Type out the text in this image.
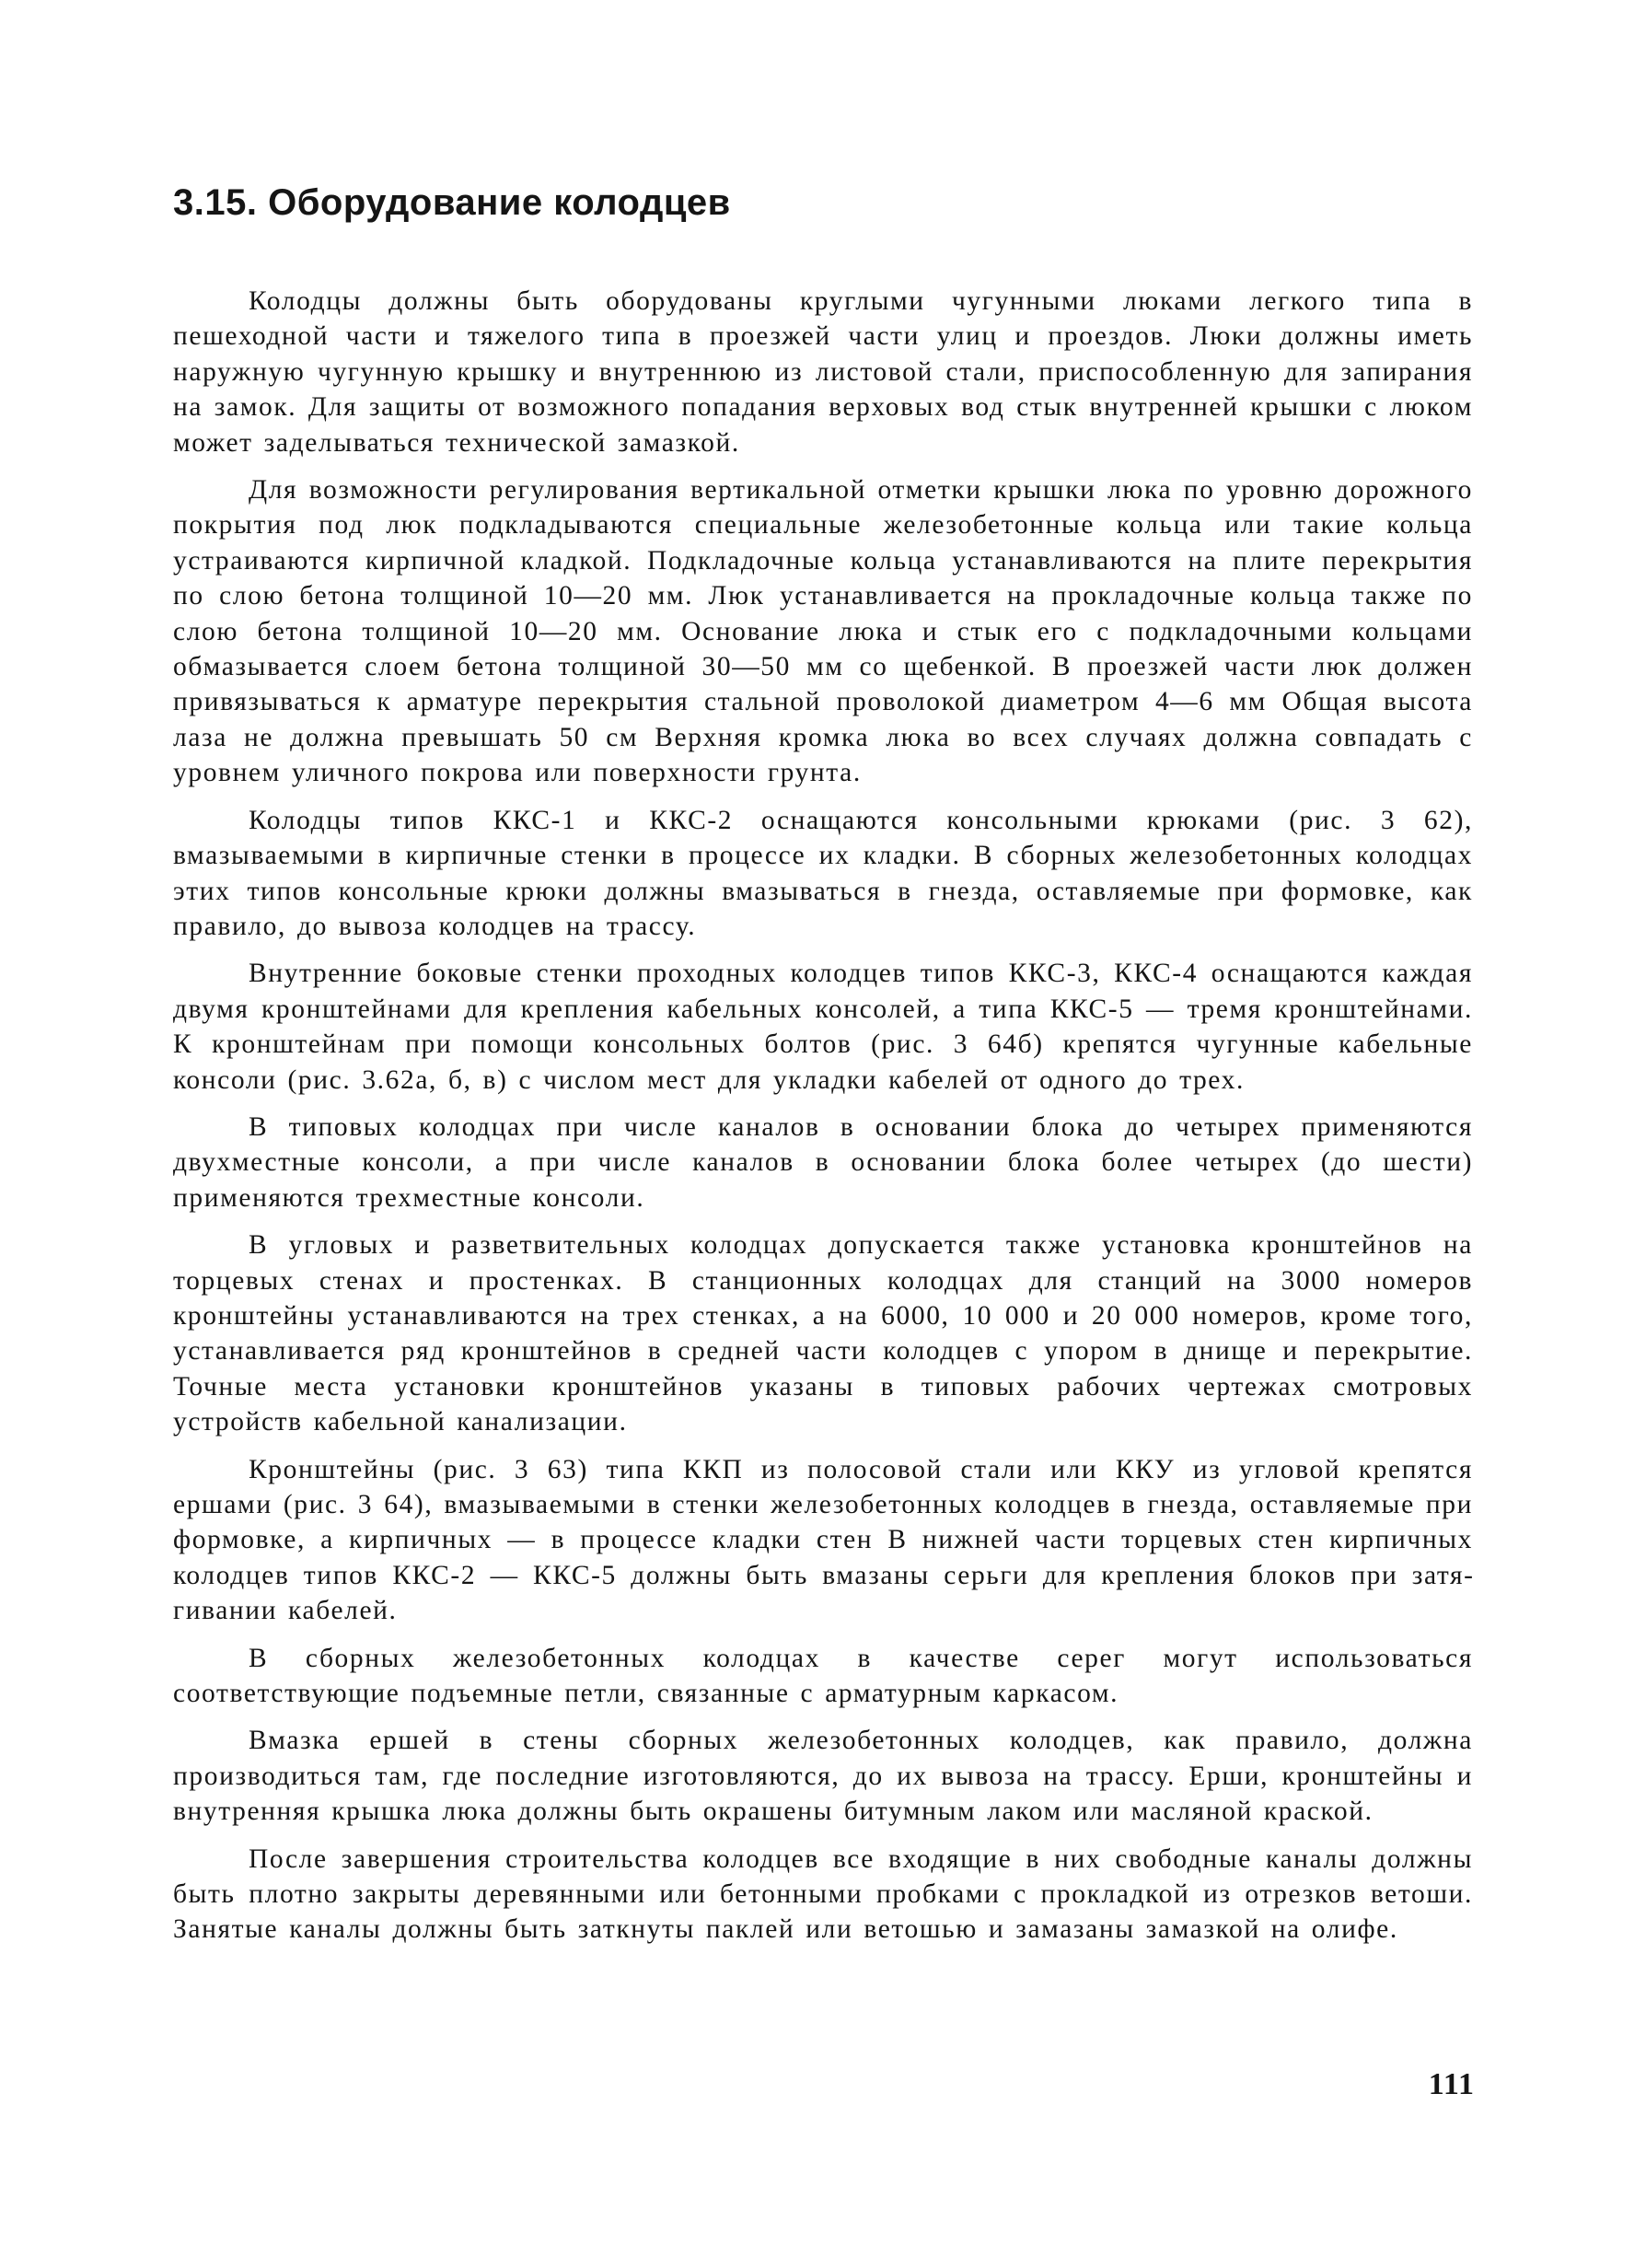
3.15. Оборудование колодцев

Колодцы должны быть оборудованы круглыми чугунными люками легкого типа в пешеходной части и тяжелого типа в проезжей части улиц и проездов. Люки должны иметь наружную чугунную крышку и внутреннюю из листовой стали, приспособленную для запирания на замок. Для защиты от возможного попадания верховых вод стык внутренней крышки с люком может заделываться технической замазкой.

Для возможности регулирования вертикальной отметки крышки люка по уровню дорожного покрытия под люк подкладываются специальные железобетонные кольца или такие кольца устраиваются кирпичной кладкой. Подкладочные кольца устанавливаются на плите перекрытия по слою бетона толщиной 10—20 мм. Люк устанавливается на прокладочные кольца также по слою бетона толщиной 10—20 мм. Основание люка и стык его с подкладочными кольцами обмазывается слоем бетона толщиной 30—50 мм со щебенкой. В проезжей части люк должен привязываться к арматуре перекрытия стальной проволокой диаметром 4—6 мм Общая высота лаза не должна превышать 50 см Верхняя кромка люка во всех случаях должна совпадать с уровнем уличного покрова или поверхности грунта.

Колодцы типов ККС-1 и ККС-2 оснащаются консольными крюками (рис. 3 62), вмазываемыми в кирпичные стенки в процессе их кладки. В сборных железобетонных колодцах этих типов консольные крюки должны вмазываться в гнезда, оставляемые при формовке, как правило, до вывоза колодцев на трассу.

Внутренние боковые стенки проходных колодцев типов ККС-3, ККС-4 оснащаются каждая двумя кронштейнами для крепления кабельных консолей, а типа ККС-5 — тремя кронштейнами. К кронштейнам при помощи консольных болтов (рис. 3 64б) крепятся чугунные кабельные консоли (рис. 3.62а, б, в) с числом мест для укладки кабелей от одного до трех.

В типовых колодцах при числе каналов в основании блока до четырех применяются двухместные консоли, а при числе каналов в основании блока более четырех (до шести) применяются трехместные консоли.

В угловых и разветвительных колодцах допускается также установка кронштейнов на торцевых стенах и простенках. В станционных колодцах для станций на 3000 номеров кронштейны устанавливаются на трех стенках, а на 6000, 10 000 и 20 000 номеров, кроме того, устанавливается ряд кронштейнов в средней части колодцев с упором в днище и перекрытие. Точные места установки кронштейнов указаны в типовых рабочих чертежах смотровых устройств кабельной канализации.

Кронштейны (рис. 3 63) типа ККП из полосовой стали или ККУ из угловой крепятся ершами (рис. 3 64), вмазываемыми в стенки железобетонных колодцев в гнезда, оставляемые при формовке, а кирпичных — в процессе кладки стен В нижней части торцевых стен кирпичных колодцев типов ККС-2 — ККС-5 должны быть вмазаны серьги для крепления блоков при затягивании кабелей.

В сборных железобетонных колодцах в качестве серег могут использоваться соответствующие подъемные петли, связанные с арматурным каркасом.

Вмазка ершей в стены сборных железобетонных колодцев, как правило, должна производиться там, где последние изготовляются, до их вывоза на трассу. Ерши, кронштейны и внутренняя крышка люка должны быть окрашены битумным лаком или масляной краской.

После завершения строительства колодцев все входящие в них свободные каналы должны быть плотно закрыты деревянными или бетонными пробками с прокладкой из отрезков ветоши. Занятые каналы должны быть заткнуты паклей или ветошью и замазаны замазкой на олифе.

111
